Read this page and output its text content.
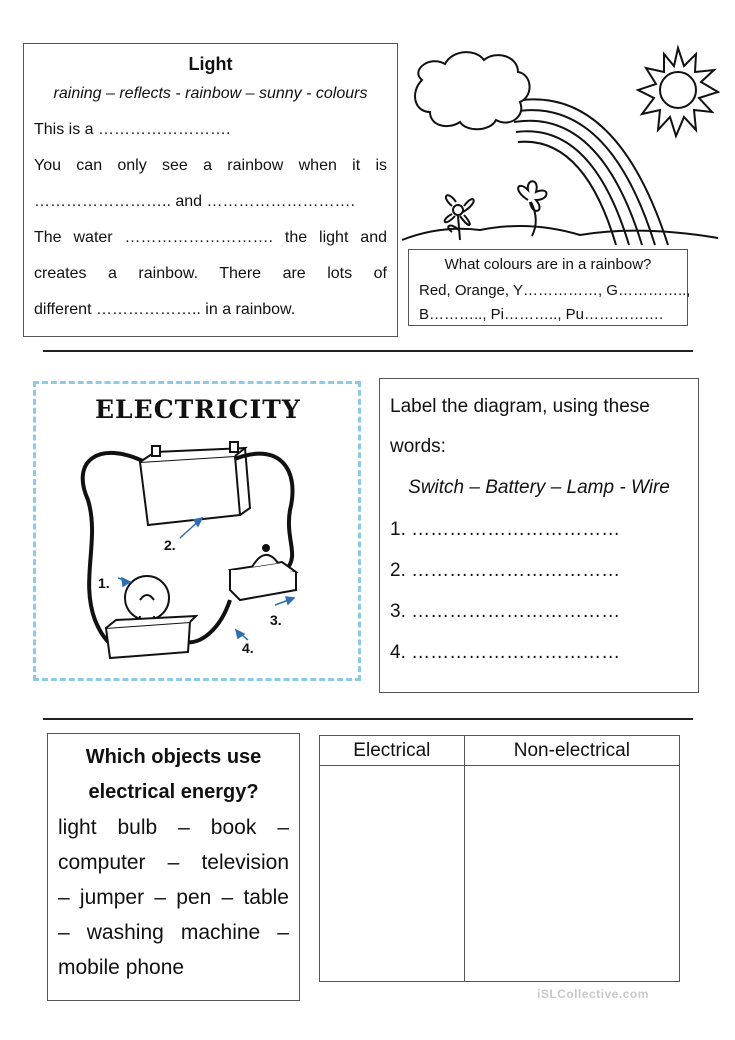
Light
raining – reflects - rainbow – sunny - colours
This is a …………………….
You can only see a rainbow when it is
…………………….. and ……………………….
The water ………………………. the light and
creates a rainbow. There are lots of
different ……………….. in a rainbow.
What colours are in a rainbow?
Red, Orange, Y……………, G…………..,
B……….., Pi……….., Pu…………….
ELECTRICITY
2.
1.
3.
4.
Label the diagram, using these
words:
Switch – Battery – Lamp - Wire
1. ……………………………
2. ……………………………
3. ……………………………
4. ……………………………
Which objects use
electrical energy?
light bulb – book –
computer – television
– jumper – pen – table
– washing machine –
mobile phone
Electrical	Non-electrical

iSLCollective.com
